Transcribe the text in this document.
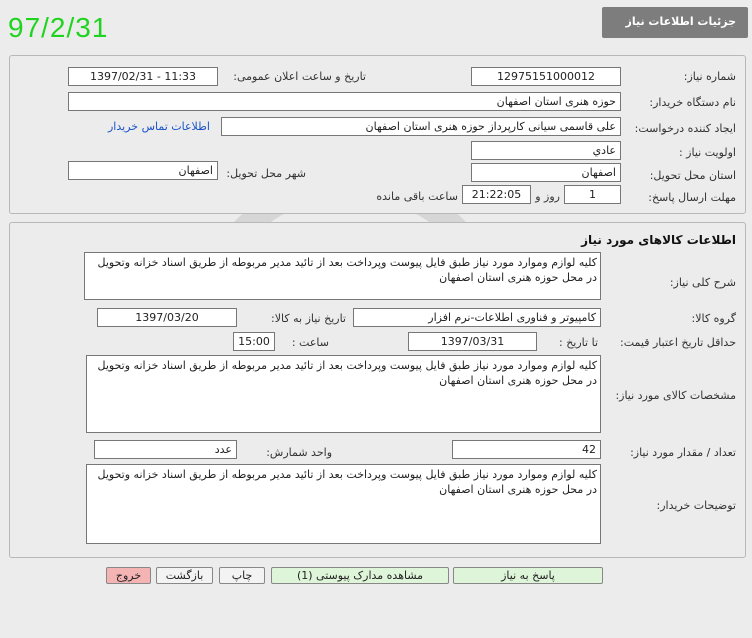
97/2/31	جزئیات اطلاعات نیاز
شماره نیاز:
12975151000012
تاریخ و ساعت اعلان عمومی:
1397/02/31 - 11:33
نام دستگاه خریدار:
حوزه هنری استان اصفهان
ایجاد کننده درخواست:
علی قاسمی سیانی کارپرداز حوزه هنری استان اصفهان
اطلاعات تماس خریدار
اولویت نیاز :
عادي
استان محل تحویل:
اصفهان
شهر محل تحویل:
اصفهان
مهلت ارسال پاسخ:
1
روز و
21:22:05
ساعت باقی مانده
اطلاعات کالاهای مورد نیاز
شرح کلی نیاز:
کلیه لوازم وموارد مورد نیاز طبق فایل پیوست وپرداخت بعد از تائید مدیر مربوطه از طریق اسناد خزانه وتحویل در محل حوزه هنری استان اصفهان
گروه کالا:
کامپیوتر و فناوری اطلاعات-نرم افزار
تاریخ نیاز به کالا:
1397/03/20
حداقل تاریخ اعتبار قیمت:
تا تاریخ :
1397/03/31
ساعت :
15:00
مشخصات کالای مورد نیاز:
کلیه لوازم وموارد مورد نیاز طبق فایل پیوست وپرداخت بعد از تائید مدیر مربوطه از طریق اسناد خزانه وتحویل در محل حوزه هنری استان اصفهان
تعداد / مقدار مورد نیاز:
42
واحد شمارش:
عدد
توضیحات خریدار:
کلیه لوازم وموارد مورد نیاز طبق فایل پیوست وپرداخت بعد از تائید مدیر مربوطه از طریق اسناد خزانه وتحویل در محل حوزه هنری استان اصفهان
پاسخ به نیاز
مشاهده مدارک پیوستی (1)
چاپ
بازگشت
خروج
